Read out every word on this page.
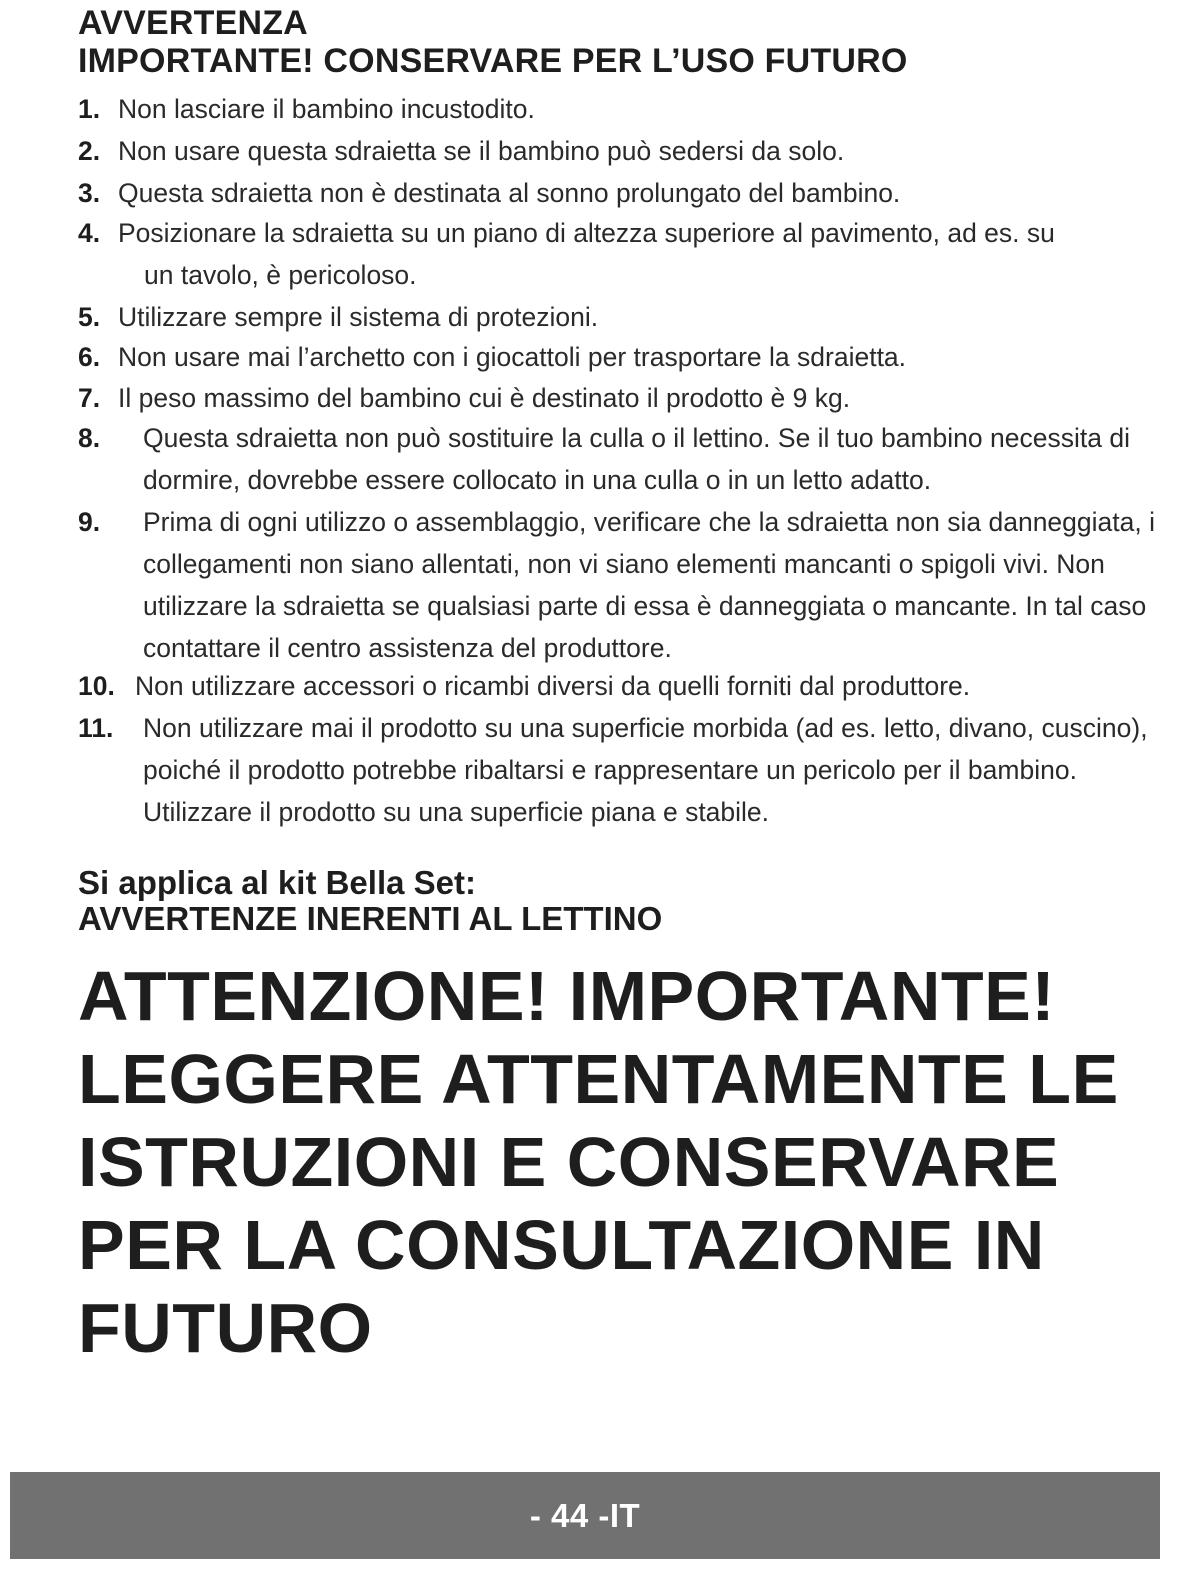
AVVERTENZA
IMPORTANTE! CONSERVARE PER L’USO FUTURO
1. Non lasciare il bambino incustodito.
2. Non usare questa sdraietta se il bambino può sedersi da solo.
3. Questa sdraietta non è destinata al sonno prolungato del bambino.
4. Posizionare la sdraietta su un piano di altezza superiore al pavimento, ad es. su un tavolo, è pericoloso.
5. Utilizzare sempre il sistema di protezioni.
6. Non usare mai l’archetto con i giocattoli per trasportare la sdraietta.
7. Il peso massimo del bambino cui è destinato il prodotto è 9 kg.
8.	Questa sdraietta non può sostituire la culla o il lettino. Se il tuo bambino necessita di dormire, dovrebbe essere collocato in una culla o in un letto adatto.
9.	Prima di ogni utilizzo o assemblaggio, verificare che la sdraietta non sia danneggiata, i collegamenti non siano allentati, non vi siano elementi mancanti o spigoli vivi. Non utilizzare la sdraietta se qualsiasi parte di essa è danneggiata o mancante. In tal caso contattare il centro assistenza del produttore.
10. Non utilizzare accessori o ricambi diversi da quelli forniti dal produttore.
11.	Non utilizzare mai il prodotto su una superficie morbida (ad es. letto, divano, cuscino), poiché il prodotto potrebbe ribaltarsi e rappresentare un pericolo per il bambino. Utilizzare il prodotto su una superficie piana e stabile.

Si applica al kit Bella Set:

AVVERTENZE INERENTI AL LETTINO

ATTENZIONE! IMPORTANTE! LEGGERE ATTENTAMENTE LE ISTRUZIONI E CONSERVARE PER LA CONSULTAZIONE IN FUTURO
- 44 -IT
